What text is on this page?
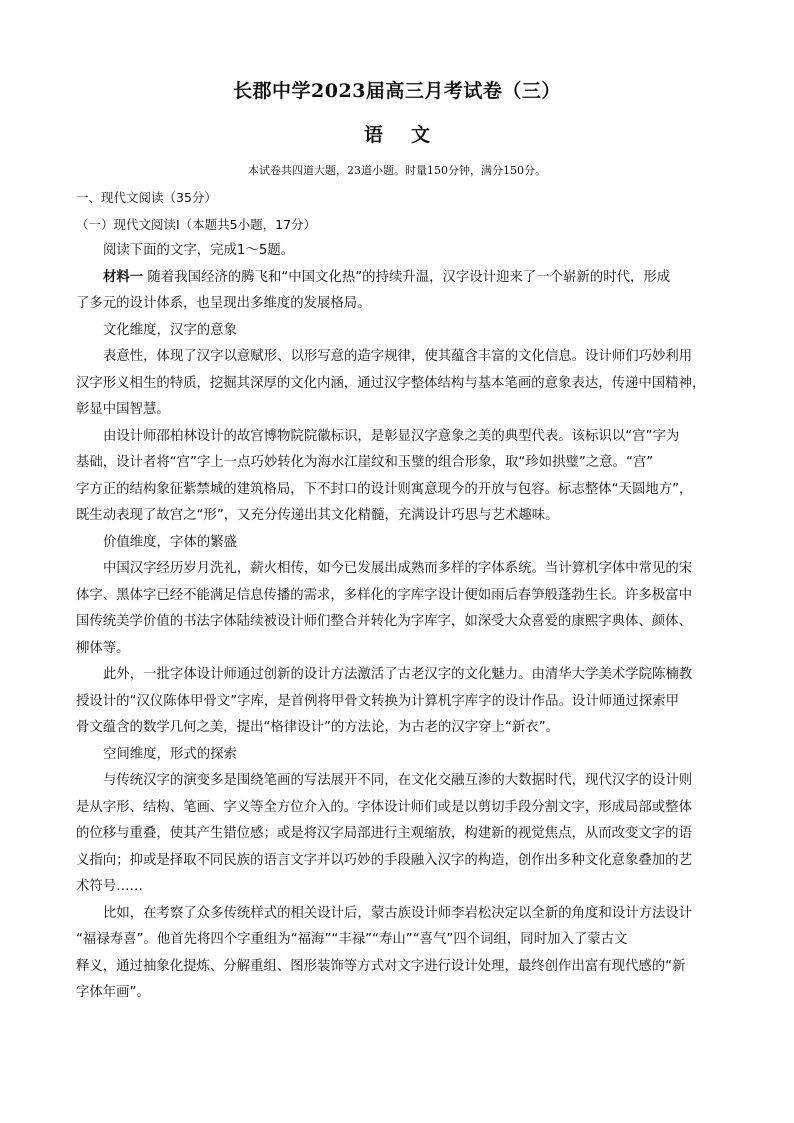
长郡中学2023届高三月考试卷（三）
语文
本试卷共四道大题，23道小题。时量150分钟，满分150分。
一、现代文阅读（35分）
（一）现代文阅读I（本题共5小题，17分）
阅读下面的文字，完成1～5题。
材料一 随着我国经济的腾飞和“中国文化热”的持续升温，汉字设计迎来了一个崭新的时代，形成
了多元的设计体系，也呈现出多维度的发展格局。
文化维度，汉字的意象
表意性，体现了汉字以意赋形、以形写意的造字规律，使其蕴含丰富的文化信息。设计师们巧妙利用
汉字形义相生的特质，挖掘其深厚的文化内涵，通过汉字整体结构与基本笔画的意象表达，传递中国精神，
彰显中国智慧。
由设计师邵柏林设计的故宫博物院院徽标识，是彰显汉字意象之美的典型代表。该标识以“宫”字为
基础，设计者将“宫”字上一点巧妙转化为海水江崖纹和玉璧的组合形象，取“珍如拱璧”之意。“宫”
字方正的结构象征紫禁城的建筑格局，下不封口的设计则寓意现今的开放与包容。标志整体“天圆地方”，
既生动表现了故宫之“形”，又充分传递出其文化精髓，充满设计巧思与艺术趣味。
价值维度，字体的繁盛
中国汉字经历岁月洗礼，薪火相传，如今已发展出成熟而多样的字体系统。当计算机字体中常见的宋
体字、黑体字已经不能满足信息传播的需求，多样化的字库字设计便如雨后春笋般蓬勃生长。许多极富中
国传统美学价值的书法字体陆续被设计师们整合并转化为字库字，如深受大众喜爱的康熙字典体、颜体、
柳体等。
此外，一批字体设计师通过创新的设计方法激活了古老汉字的文化魅力。由清华大学美术学院陈楠教
授设计的“汉仪陈体甲骨文”字库，是首例将甲骨文转换为计算机字库字的设计作品。设计师通过探索甲
骨文蕴含的数学几何之美，提出“格律设计”的方法论，为古老的汉字穿上“新衣”。
空间维度，形式的探索
与传统汉字的演变多是围绕笔画的写法展开不同，在文化交融互渗的大数据时代，现代汉字的设计则
是从字形、结构、笔画、字义等全方位介入的。字体设计师们或是以剪切手段分割文字，形成局部或整体
的位移与重叠，使其产生错位感；或是将汉字局部进行主观缩放，构建新的视觉焦点，从而改变文字的语
义指向；抑或是择取不同民族的语言文字并以巧妙的手段融入汉字的构造，创作出多种文化意象叠加的艺
术符号……
比如，在考察了众多传统样式的相关设计后，蒙古族设计师李岩松决定以全新的角度和设计方法设计
“福禄寿喜”。他首先将四个字重组为“福海”“丰禄”“寿山”“喜气”四个词组，同时加入了蒙古文
释义，通过抽象化提炼、分解重组、图形装饰等方式对文字进行设计处理，最终创作出富有现代感的“新
字体年画”。
